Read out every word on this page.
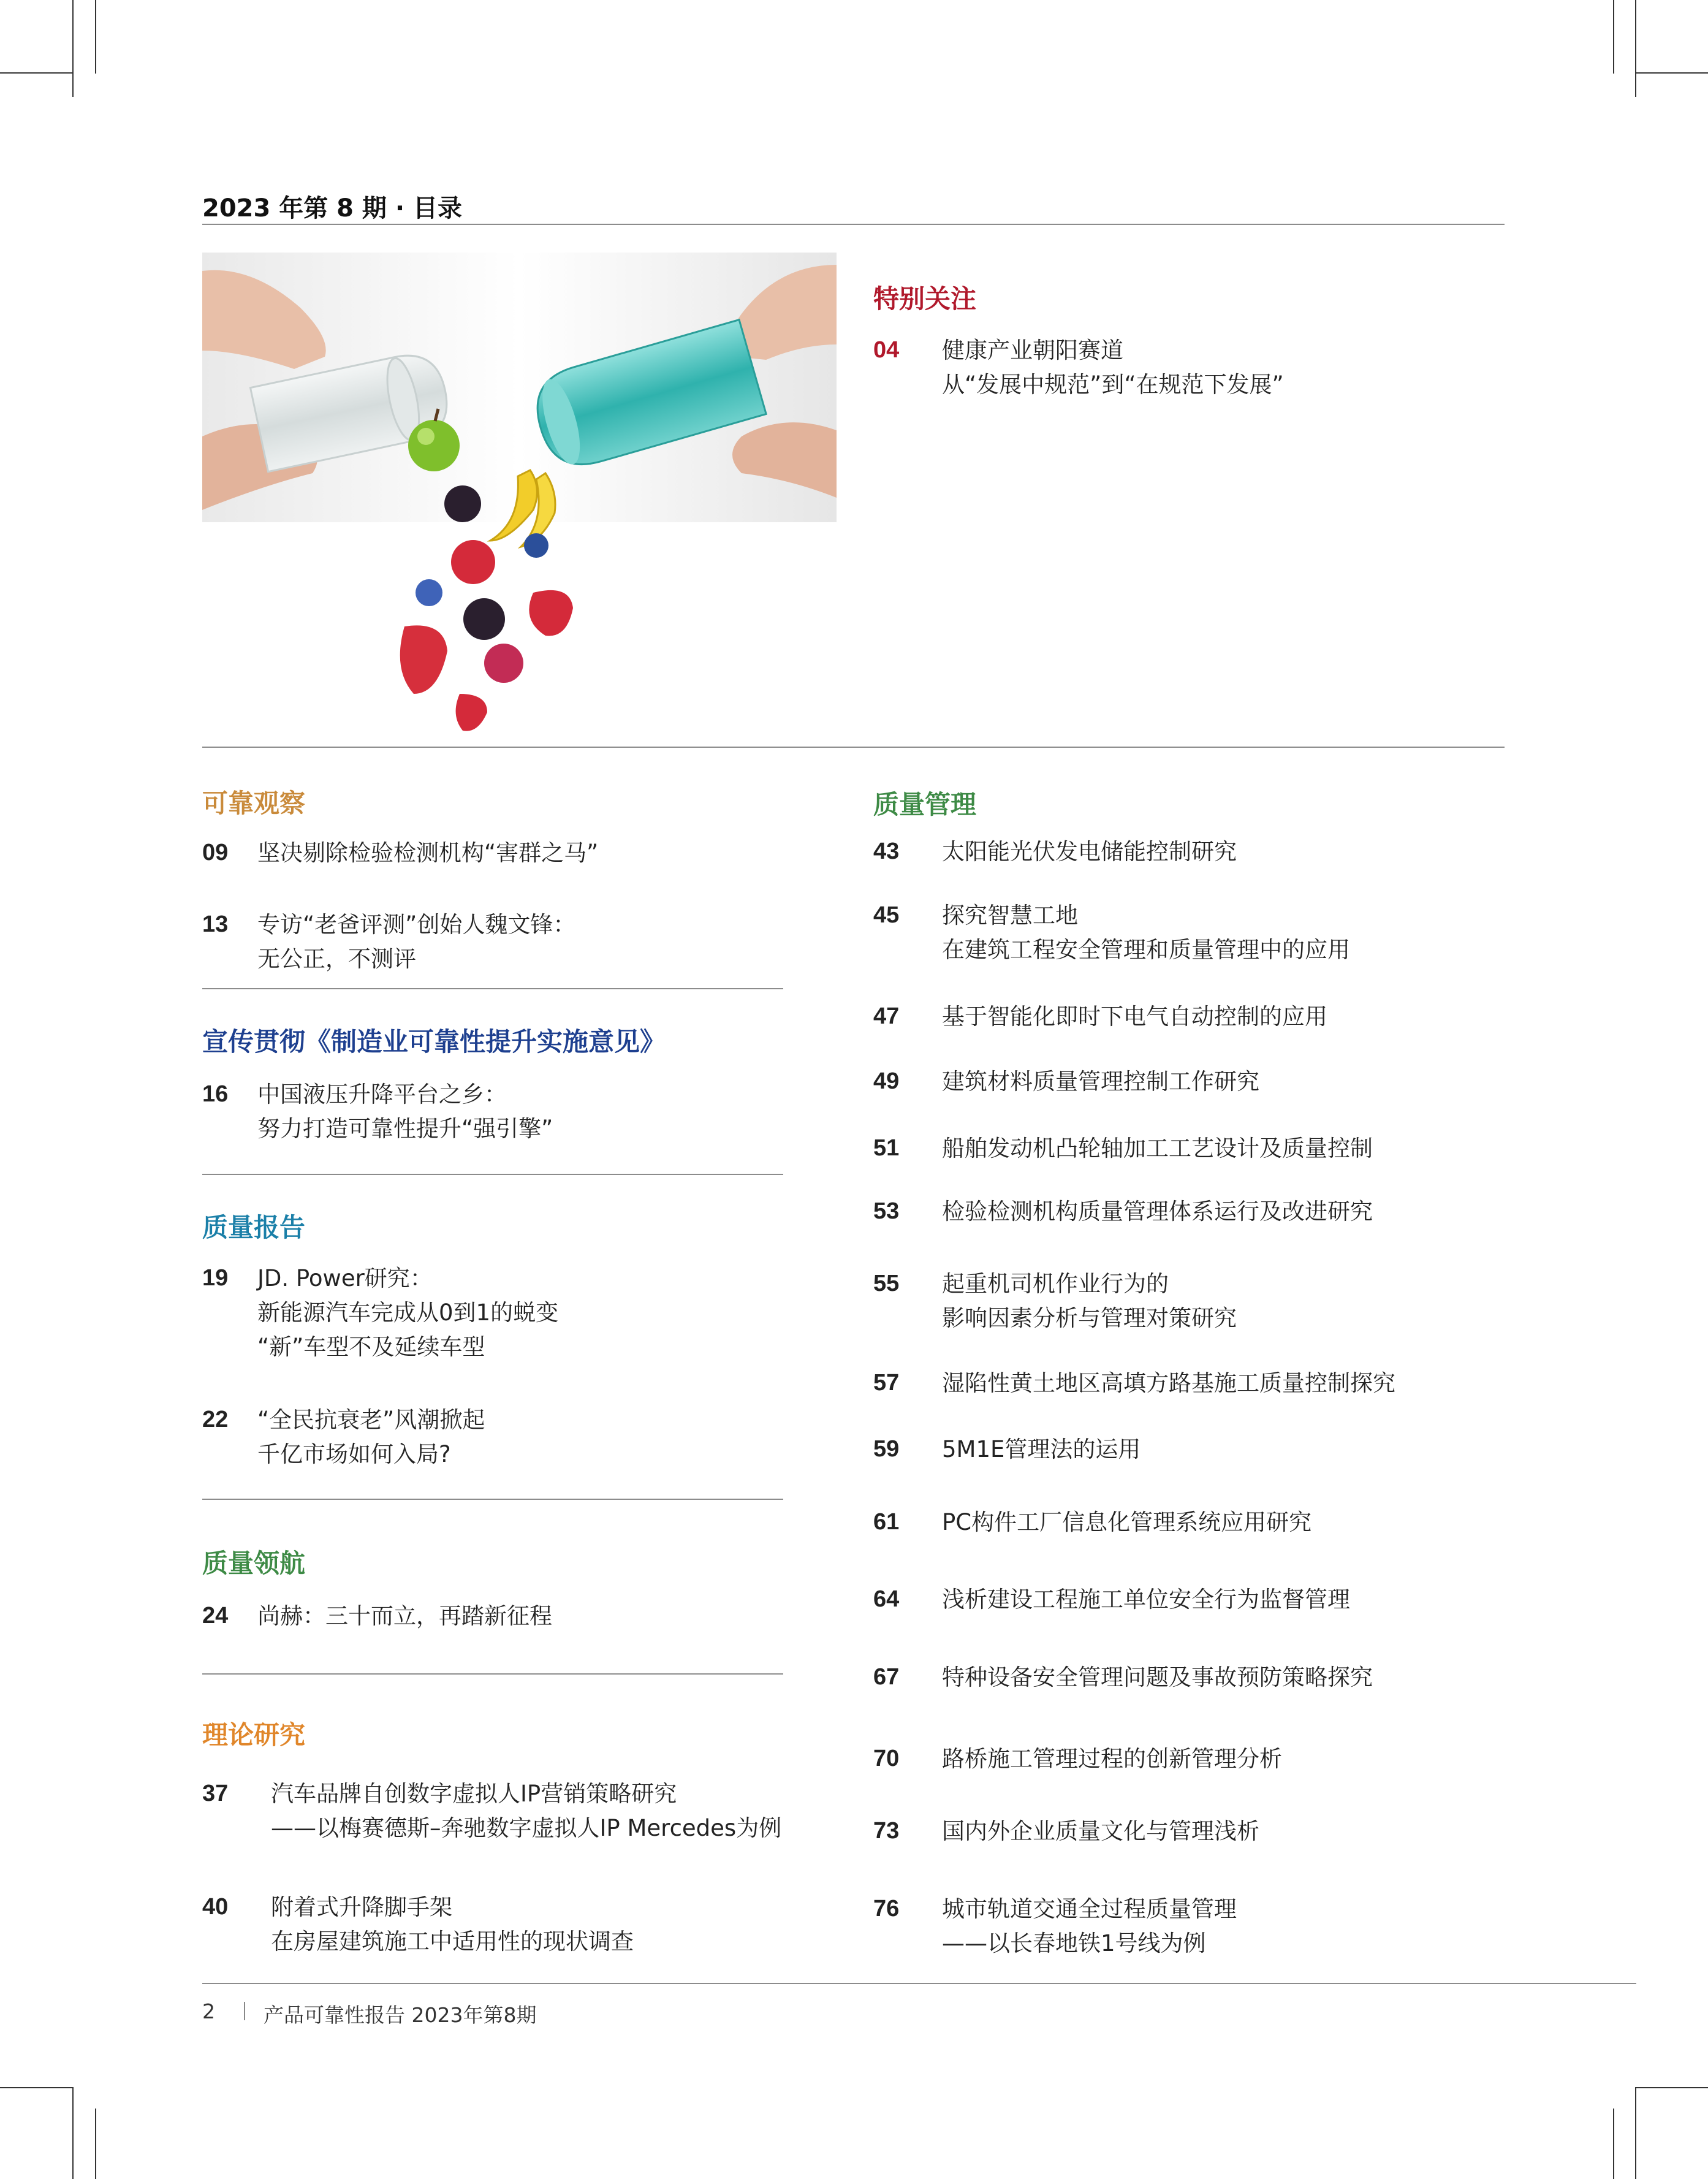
2023 年第 8 期 · 目录
特别关注
04 健康产业朝阳赛道
从“发展中规范”到“在规范下发展”
可靠观察
09 坚决剔除检验检测机构“害群之马”
13 专访“老爸评测”创始人魏文锋：
无公正，不测评
宣传贯彻《制造业可靠性提升实施意见》
16 中国液压升降平台之乡：
努力打造可靠性提升“强引擎”
质量报告
19 JD. Power研究：
新能源汽车完成从0到1的蜕变
“新”车型不及延续车型
22 “全民抗衰老”风潮掀起
千亿市场如何入局?
质量领航
24 尚赫：三十而立，再踏新征程
理论研究
37 汽车品牌自创数字虚拟人IP营销策略研究
——以梅赛德斯–奔驰数字虚拟人IP Mercedes为例
40 附着式升降脚手架
在房屋建筑施工中适用性的现状调查
质量管理
43 太阳能光伏发电储能控制研究
45 探究智慧工地
在建筑工程安全管理和质量管理中的应用
47 基于智能化即时下电气自动控制的应用
49 建筑材料质量管理控制工作研究
51 船舶发动机凸轮轴加工工艺设计及质量控制
53 检验检测机构质量管理体系运行及改进研究
55 起重机司机作业行为的
影响因素分析与管理对策研究
57 湿陷性黄土地区高填方路基施工质量控制探究
59 5M1E管理法的运用
61 PC构件工厂信息化管理系统应用研究
64 浅析建设工程施工单位安全行为监督管理
67 特种设备安全管理问题及事故预防策略探究
70 路桥施工管理过程的创新管理分析
73 国内外企业质量文化与管理浅析
76 城市轨道交通全过程质量管理
——以长春地铁1号线为例
2 产品可靠性报告 2023年第8期
